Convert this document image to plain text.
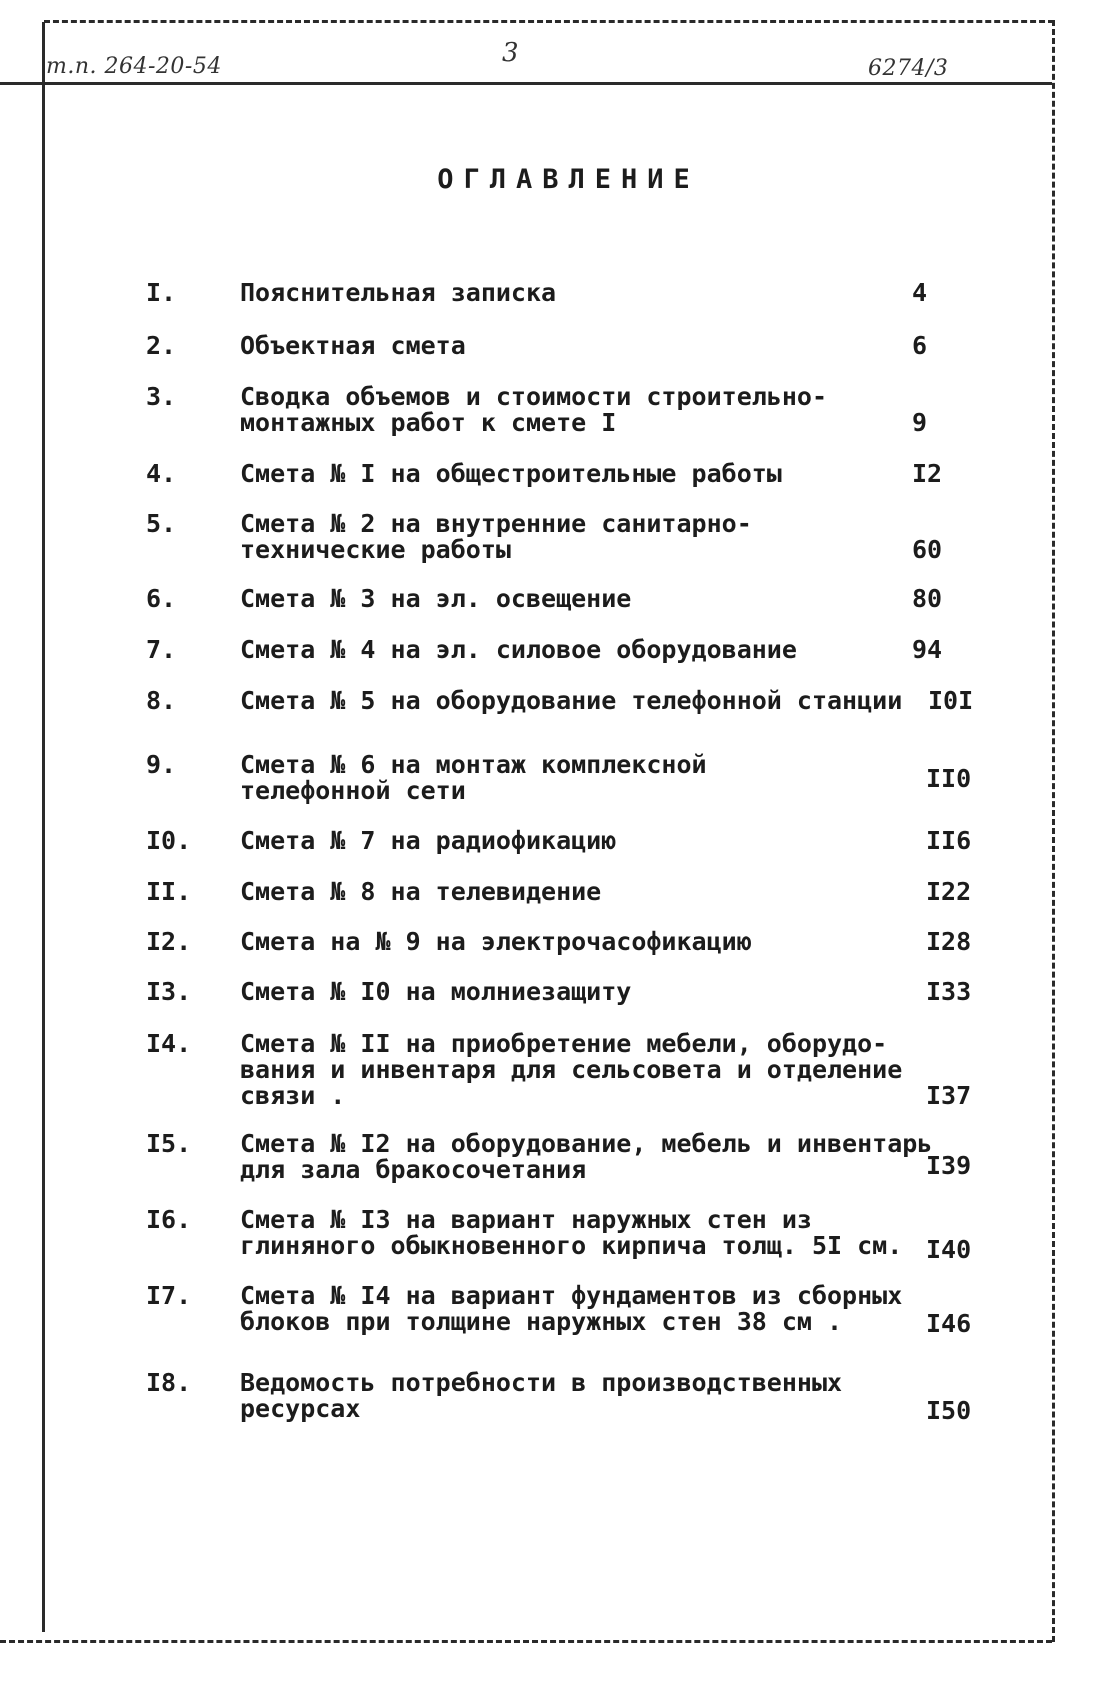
т.п. 264-20-54	3
6274/3
ОГЛАВЛЕНИЕ
I.	Пояснительная записка	4
2.	Объектная смета	6
3.	Сводка объемов и стоимости строительно-
монтажных работ к смете I	9
4.	Смета № I на общестроительные работы	I2
5.	Смета № 2 на внутренние санитарно-
технические работы	60
6.	Смета № 3 на эл. освещение	80
7.	Смета № 4 на эл. силовое оборудование	94
8.	Смета № 5 на оборудование телефонной станции	I0I
9.	Смета № 6 на монтаж комплексной
телефонной сети	II0
I0. Смета № 7 на радиофикацию	II6
II. Смета № 8 на телевидение	I22
I2. Смета на № 9 на электрочасофикацию	I28
I3. Смета № I0 на молниезащиту	I33
I4. Смета № II на приобретение мебели, оборудо-
вания и инвентаря для сельсовета и отделение
связи .	I37
I5. Смета № I2 на оборудование, мебель и инвентарь
для зала бракосочетания	I39
I6. Смета № I3 на вариант наружных стен из
глиняного обыкновенного кирпича толщ. 5I см. I40
I7. Смета № I4 на вариант фундаментов из сборных
блоков при толщине наружных стен 38 см .	I46
I8. Ведомость потребности в производственных
ресурсах	I50
